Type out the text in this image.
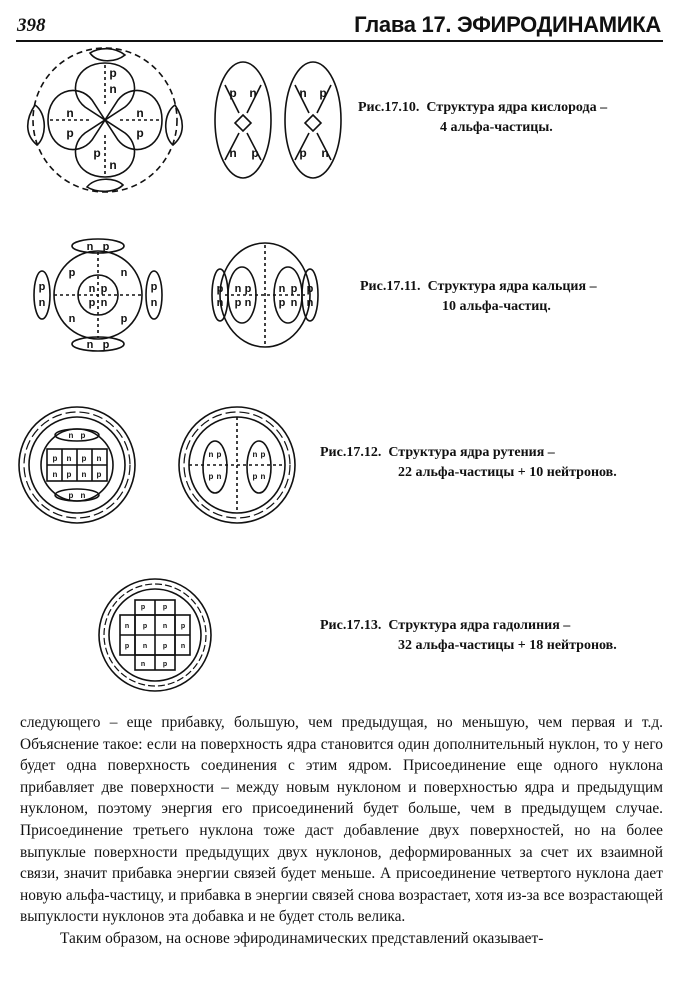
398	Глава 17. ЭФИРОДИНАМИКА
p
n
n	n
p
n
p	p
p n
n p
n p
p n
Рис.17.10. Структура ядра кислорода –
4 альфа-частицы.
n p
n p
p
n
p
n
n p
p n
p	n
n	p
p
n
p
n
n p
p n
n p
p n
Рис.17.11. Структура ядра кальция –
10 альфа-частиц.
p n p n
n p n p
n p
p n
n p
p n
n p
p n
Рис.17.12. Структура ядра рутения –
22 альфа-частицы + 10 нейтронов.
p	p
n p n p
p n p n
n	p
Рис.17.13. Структура ядра гадолиния –
32 альфа-частицы + 18 нейтронов.

следующего – еще прибавку, большую, чем предыдущая, но меньшую, чем первая и т.д. Объяснение такое: если на поверхность ядра становится один дополнительный нуклон, то у него будет одна поверхность соединения с этим ядром. Присоединение еще одного нуклона прибавляет две поверхности – между новым нуклоном и поверхностью ядра и предыдущим нуклоном, поэтому энергия его присоединений будет больше, чем в предыдущем случае. Присоединение третьего нуклона тоже даст добавление двух поверхностей, но на более выпуклые поверхности предыдущих двух нуклонов, деформированных за счет их взаимной связи, значит прибавка энергии связей будет меньше. А присоединение четвертого нуклона дает новую альфа-частицу, и прибавка в энергии связей снова возрастает, хотя из-за все возрастающей выпуклости нуклонов эта добавка и не будет столь велика.

Таким образом, на основе эфиродинамических представлений оказывает-
